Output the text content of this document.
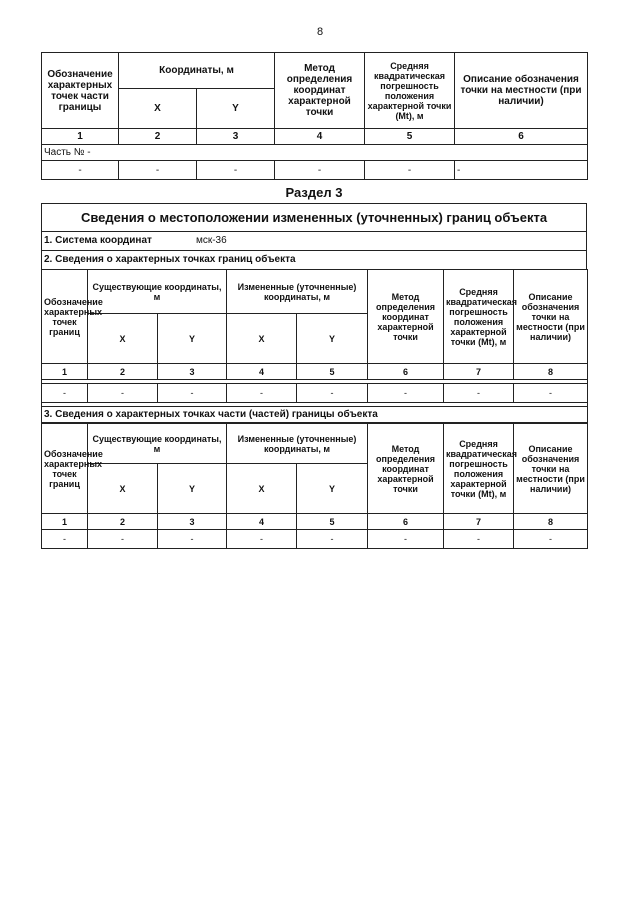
8
Обозначение характерных точек части границы	Координаты, м		Метод определения координат характерной точки	Средняя квадратическая погрешность положения характерной точки (Mt), м	Описание обозначения точки на местности (при наличии)
	X	Y			
1	2	3	4	5	6
Часть № -					
-	-	-	-	-	-
Раздел 3
Сведения о местоположении измененных (уточненных) границ объекта
1. Система координат	мск-36
2. Сведения о характерных точках границ объекта
Обозначение характерных точек границ	Существующие координаты, м		Измененные (уточненные) координаты, м		Метод определения координат характерной точки	Средняя квадратическая погрешность положения характерной точки (Mt), м	Описание обозначения точки на местности (при наличии)
	X	Y	X	Y			
1	2	3	4	5	6	7	8

-	-	-	-	-	-	-	-

3. Сведения о характерных точках части (частей) границы объекта							
Обозначение характерных точек границ	Существующие координаты, м		Измененные (уточненные) координаты, м		Метод определения координат характерной точки	Средняя квадратическая погрешность положения характерной точки (Mt), м	Описание обозначения точки на местности (при наличии)
	X	Y	X	Y			
1	2	3	4	5	6	7	8
-	-	-	-	-	-	-	-
